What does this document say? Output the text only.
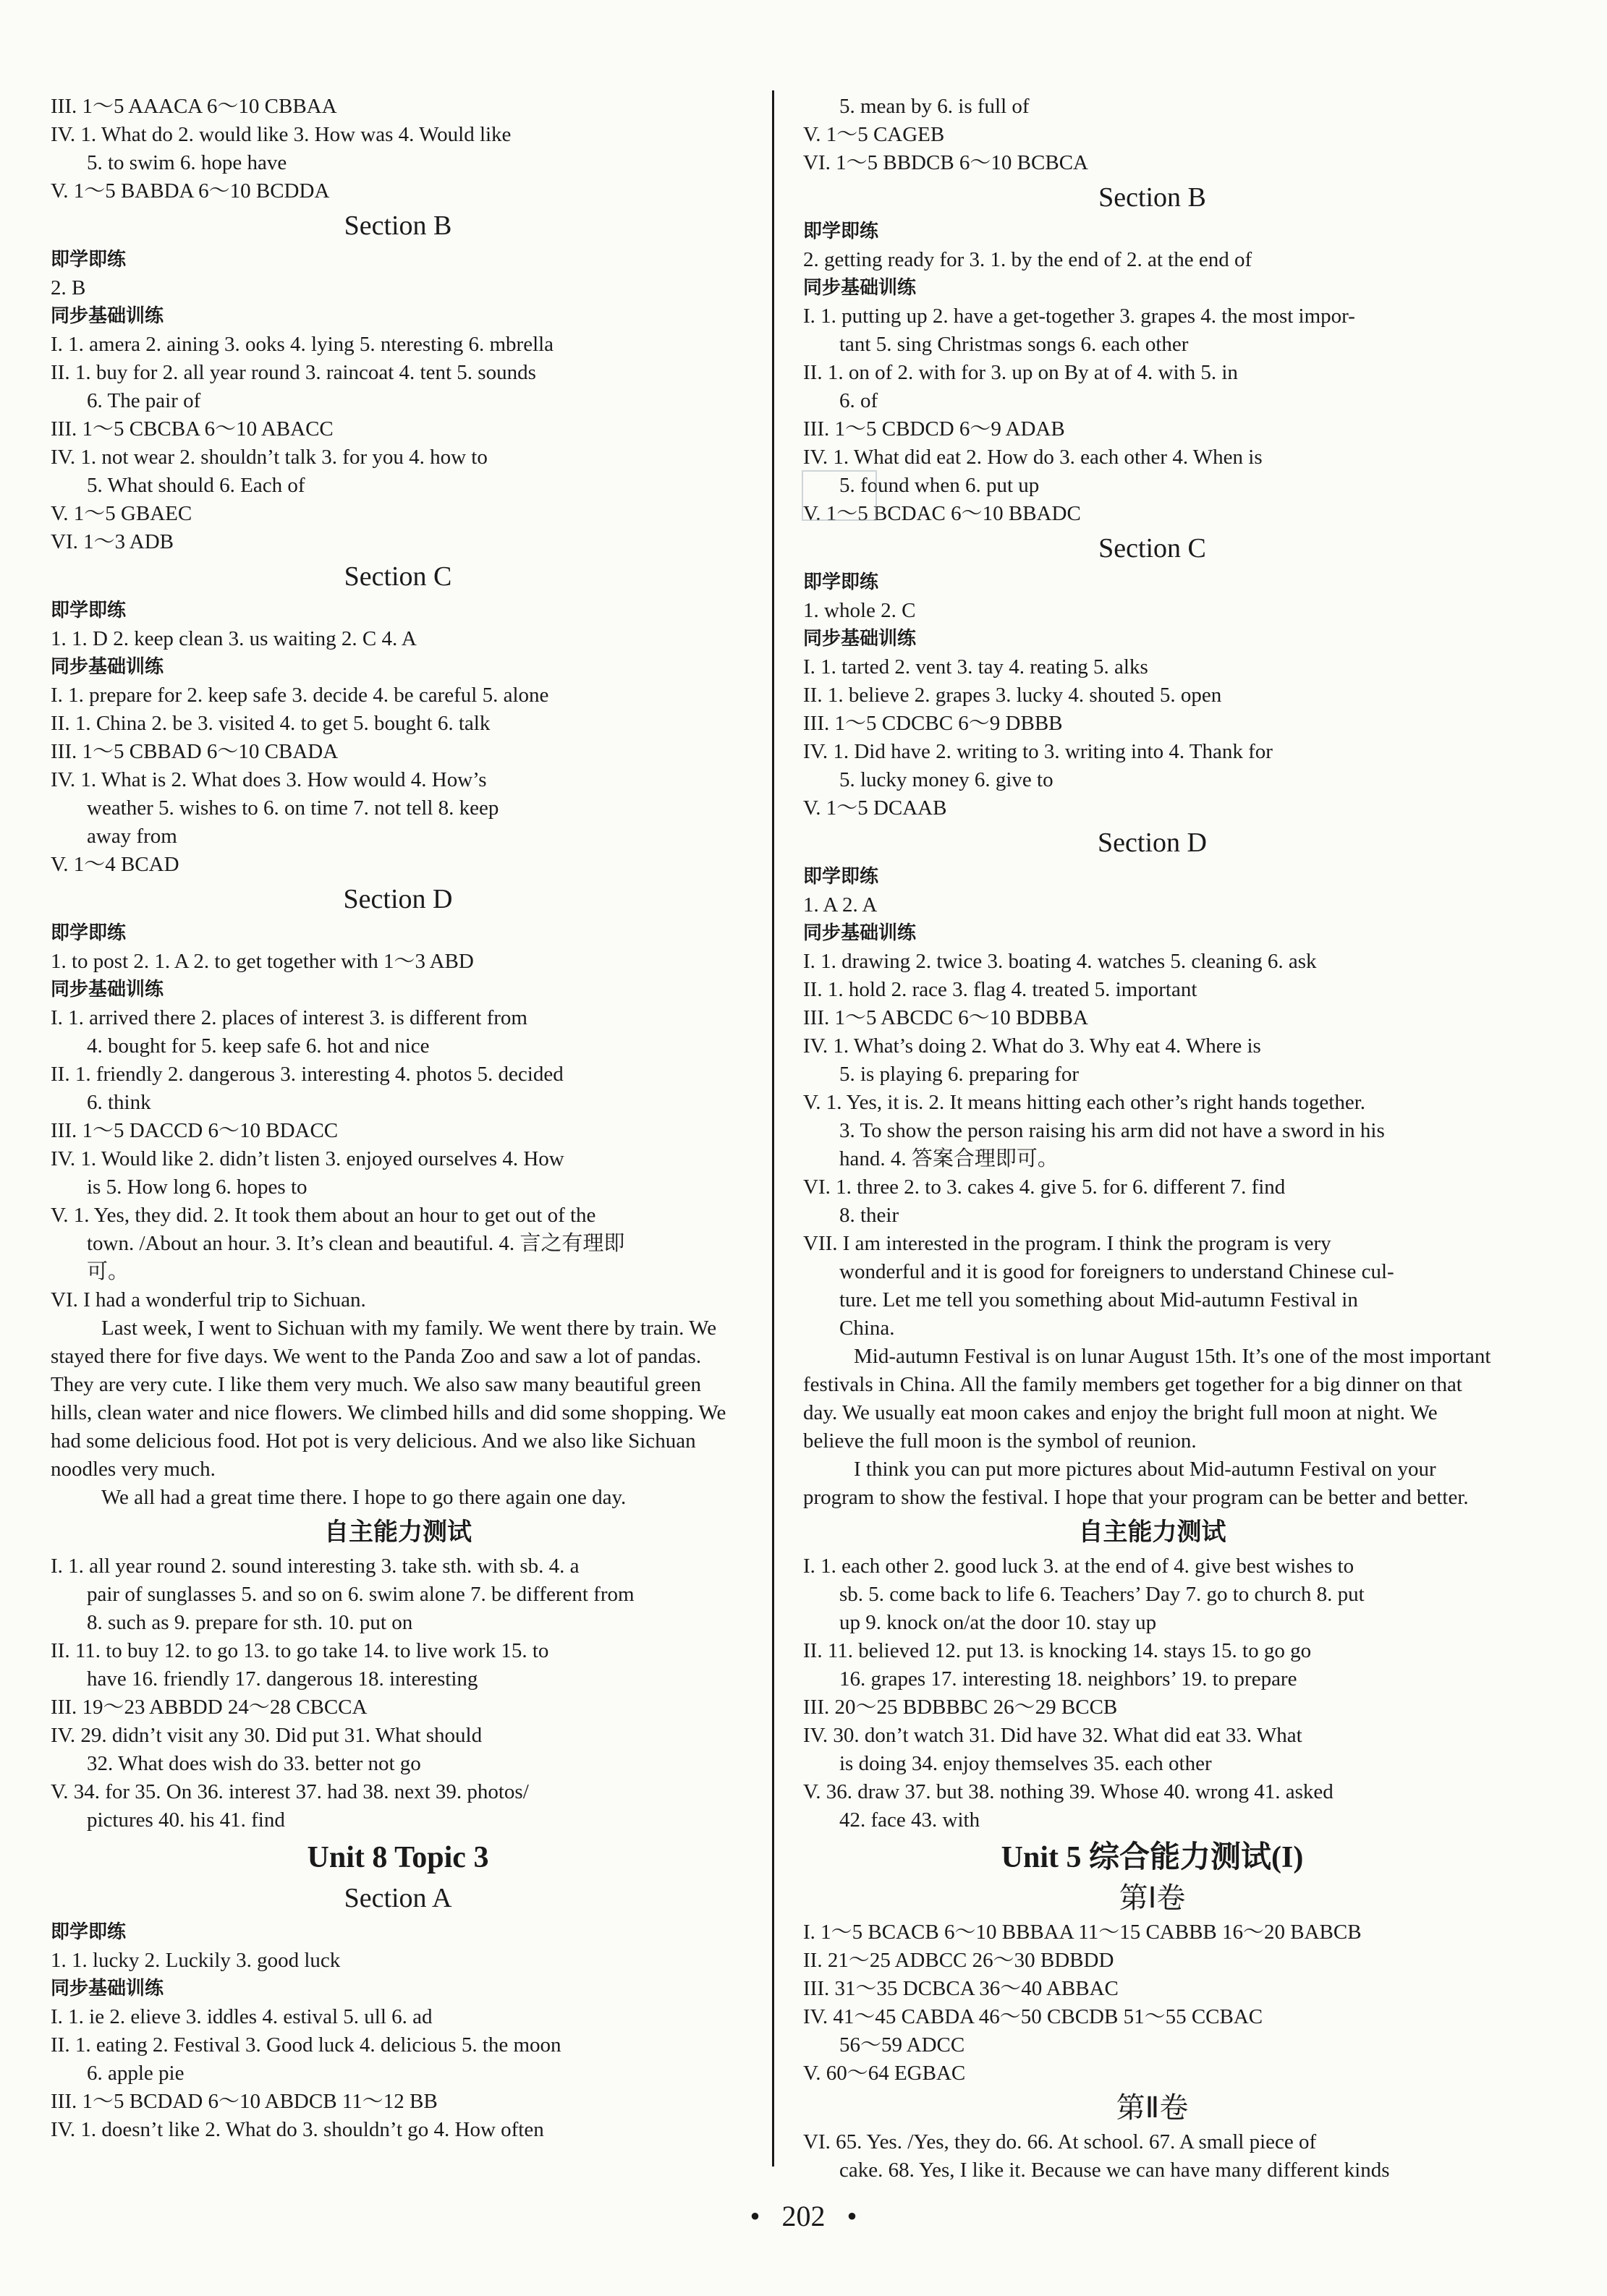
III. 1～5 AAACA 6～10 CBBAA
IV. 1. What do 2. would like 3. How was 4. Would like
5. to swim 6. hope have
V. 1～5 BABDA 6～10 BCDDA
Section B
即学即练
2. B
同步基础训练
I. 1. amera 2. aining 3. ooks 4. lying 5. nteresting 6. mbrella
II. 1. buy for 2. all year round 3. raincoat 4. tent 5. sounds
6. The pair of
III. 1～5 CBCBA 6～10 ABACC
IV. 1. not wear 2. shouldn’t talk 3. for you 4. how to
5. What should 6. Each of
V. 1～5 GBAEC
VI. 1～3 ADB
Section C
即学即练
1. 1. D 2. keep clean 3. us waiting 2. C 4. A
同步基础训练
I. 1. prepare for 2. keep safe 3. decide 4. be careful 5. alone
II. 1. China 2. be 3. visited 4. to get 5. bought 6. talk
III. 1～5 CBBAD 6～10 CBADA
IV. 1. What is 2. What does 3. How would 4. How’s
weather 5. wishes to 6. on time 7. not tell 8. keep
away from
V. 1～4 BCAD
Section D
即学即练
1. to post 2. 1. A 2. to get together with 1～3 ABD
同步基础训练
I. 1. arrived there 2. places of interest 3. is different from
4. bought for 5. keep safe 6. hot and nice
II. 1. friendly 2. dangerous 3. interesting 4. photos 5. decided
6. think
III. 1～5 DACCD 6～10 BDACC
IV. 1. Would like 2. didn’t listen 3. enjoyed ourselves 4. How
is 5. How long 6. hopes to
V. 1. Yes, they did. 2. It took them about an hour to get out of the
town. /About an hour. 3. It’s clean and beautiful. 4. 言之有理即
可。
VI. I had a wonderful trip to Sichuan.
Last week, I went to Sichuan with my family. We went there by train. We stayed there for five days. We went to the Panda Zoo and saw a lot of pandas. They are very cute. I like them very much. We also saw many beautiful green hills, clean water and nice flowers. We climbed hills and did some shopping. We had some delicious food. Hot pot is very delicious. And we also like Sichuan noodles very much.
We all had a great time there. I hope to go there again one day.
自主能力测试
I. 1. all year round 2. sound interesting 3. take sth. with sb. 4. a
pair of sunglasses 5. and so on 6. swim alone 7. be different from
8. such as 9. prepare for sth. 10. put on
II. 11. to buy 12. to go 13. to go take 14. to live work 15. to
have 16. friendly 17. dangerous 18. interesting
III. 19～23 ABBDD 24～28 CBCCA
IV. 29. didn’t visit any 30. Did put 31. What should
32. What does wish do 33. better not go
V. 34. for 35. On 36. interest 37. had 38. next 39. photos/
pictures 40. his 41. find
Unit 8 Topic 3
Section A
即学即练
1. 1. lucky 2. Luckily 3. good luck
同步基础训练
I. 1. ie 2. elieve 3. iddles 4. estival 5. ull 6. ad
II. 1. eating 2. Festival 3. Good luck 4. delicious 5. the moon
6. apple pie
III. 1～5 BCDAD 6～10 ABDCB 11～12 BB
IV. 1. doesn’t like 2. What do 3. shouldn’t go 4. How often
5. mean by 6. is full of
V. 1～5 CAGEB
VI. 1～5 BBDCB 6～10 BCBCA
Section B
即学即练
2. getting ready for 3. 1. by the end of 2. at the end of
同步基础训练
I. 1. putting up 2. have a get-together 3. grapes 4. the most impor-
tant 5. sing Christmas songs 6. each other
II. 1. on of 2. with for 3. up on By at of 4. with 5. in
6. of
III. 1～5 CBDCD 6～9 ADAB
IV. 1. What did eat 2. How do 3. each other 4. When is
5. found when 6. put up
V. 1～5 BCDAC 6～10 BBADC
Section C
即学即练
1. whole 2. C
同步基础训练
I. 1. tarted 2. vent 3. tay 4. reating 5. alks
II. 1. believe 2. grapes 3. lucky 4. shouted 5. open
III. 1～5 CDCBC 6～9 DBBB
IV. 1. Did have 2. writing to 3. writing into 4. Thank for
5. lucky money 6. give to
V. 1～5 DCAAB
Section D
即学即练
1. A 2. A
同步基础训练
I. 1. drawing 2. twice 3. boating 4. watches 5. cleaning 6. ask
II. 1. hold 2. race 3. flag 4. treated 5. important
III. 1～5 ABCDC 6～10 BDBBA
IV. 1. What’s doing 2. What do 3. Why eat 4. Where is
5. is playing 6. preparing for
V. 1. Yes, it is. 2. It means hitting each other’s right hands together.
3. To show the person raising his arm did not have a sword in his
hand. 4. 答案合理即可。
VI. 1. three 2. to 3. cakes 4. give 5. for 6. different 7. find
8. their
VII. I am interested in the program. I think the program is very
wonderful and it is good for foreigners to understand Chinese cul-
ture. Let me tell you something about Mid-autumn Festival in
China.
Mid-autumn Festival is on lunar August 15th. It’s one of the most important festivals in China. All the family members get together for a big dinner on that day. We usually eat moon cakes and enjoy the bright full moon at night. We believe the full moon is the symbol of reunion.
I think you can put more pictures about Mid-autumn Festival on your program to show the festival. I hope that your program can be better and better.
自主能力测试
I. 1. each other 2. good luck 3. at the end of 4. give best wishes to
sb. 5. come back to life 6. Teachers’ Day 7. go to church 8. put
up 9. knock on/at the door 10. stay up
II. 11. believed 12. put 13. is knocking 14. stays 15. to go go
16. grapes 17. interesting 18. neighbors’ 19. to prepare
III. 20～25 BDBBBC 26～29 BCCB
IV. 30. don’t watch 31. Did have 32. What did eat 33. What
is doing 34. enjoy themselves 35. each other
V. 36. draw 37. but 38. nothing 39. Whose 40. wrong 41. asked
42. face 43. with
Unit 5 综合能力测试(I)
第Ⅰ卷
I. 1～5 BCACB 6～10 BBBAA 11～15 CABBB 16～20 BABCB
II. 21～25 ADBCC 26～30 BDBDD
III. 31～35 DCBCA 36～40 ABBAC
IV. 41～45 CABDA 46～50 CBCDB 51～55 CCBAC
56～59 ADCC
V. 60～64 EGBAC
第Ⅱ卷
VI. 65. Yes. /Yes, they do. 66. At school. 67. A small piece of
cake. 68. Yes, I like it. Because we can have many different kinds
•   202   •
